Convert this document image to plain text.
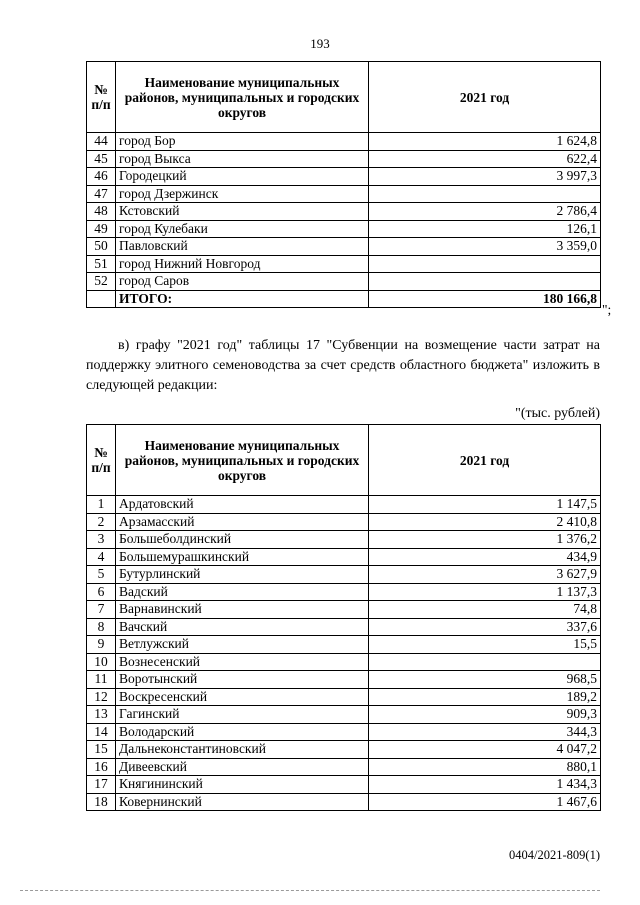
193
№ п/п	Наименование муниципальных районов, муниципальных и городских округов	2021 год
44	город Бор	1 624,8
45	город Выкса	622,4
46	Городецкий	3 997,3
47	город Дзержинск	
48	Кстовский	2 786,4
49	город Кулебаки	126,1
50	Павловский	3 359,0
51	город Нижний Новгород	
52	город Саров	
	ИТОГО:	180 166,8
";
в) графу "2021 год" таблицы 17 "Субвенции на возмещение части затрат на поддержку элитного семеноводства за счет средств областного бюджета" изложить в следующей редакции:
"(тыс. рублей)
№ п/п	Наименование муниципальных районов, муниципальных и городских округов	2021 год
1	Ардатовский	1 147,5
2	Арзамасский	2 410,8
3	Большеболдинский	1 376,2
4	Большемурашкинский	434,9
5	Бутурлинский	3 627,9
6	Вадский	1 137,3
7	Варнавинский	74,8
8	Вачский	337,6
9	Ветлужский	15,5
10	Вознесенский	
11	Воротынский	968,5
12	Воскресенский	189,2
13	Гагинский	909,3
14	Володарский	344,3
15	Дальнеконстантиновский	4 047,2
16	Дивеевский	880,1
17	Княгининский	1 434,3
18	Ковернинский	1 467,6
0404/2021-809(1)
